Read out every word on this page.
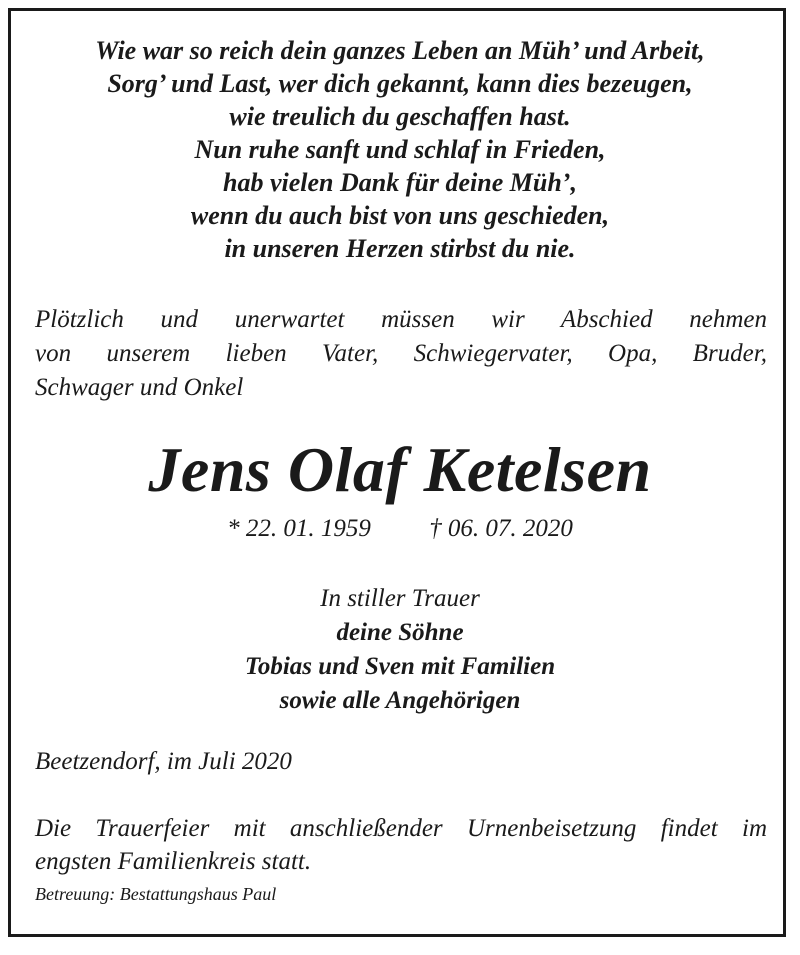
Wie war so reich dein ganzes Leben an Müh’ und Arbeit,
Sorg’ und Last, wer dich gekannt, kann dies bezeugen,
wie treulich du geschaffen hast.
Nun ruhe sanft und schlaf in Frieden,
hab vielen Dank für deine Müh’,
wenn du auch bist von uns geschieden,
in unseren Herzen stirbst du nie.
Plötzlich und unerwartet müssen wir Abschied nehmen
von unserem lieben Vater, Schwiegervater, Opa, Bruder,
Schwager und Onkel
Jens Olaf Ketelsen
* 22. 01. 1959 † 06. 07. 2020
In stiller Trauer
deine Söhne
Tobias und Sven mit Familien
sowie alle Angehörigen
Beetzendorf, im Juli 2020
Die Trauerfeier mit anschließender Urnenbeisetzung findet im
engsten Familienkreis statt.
Betreuung: Bestattungshaus Paul
